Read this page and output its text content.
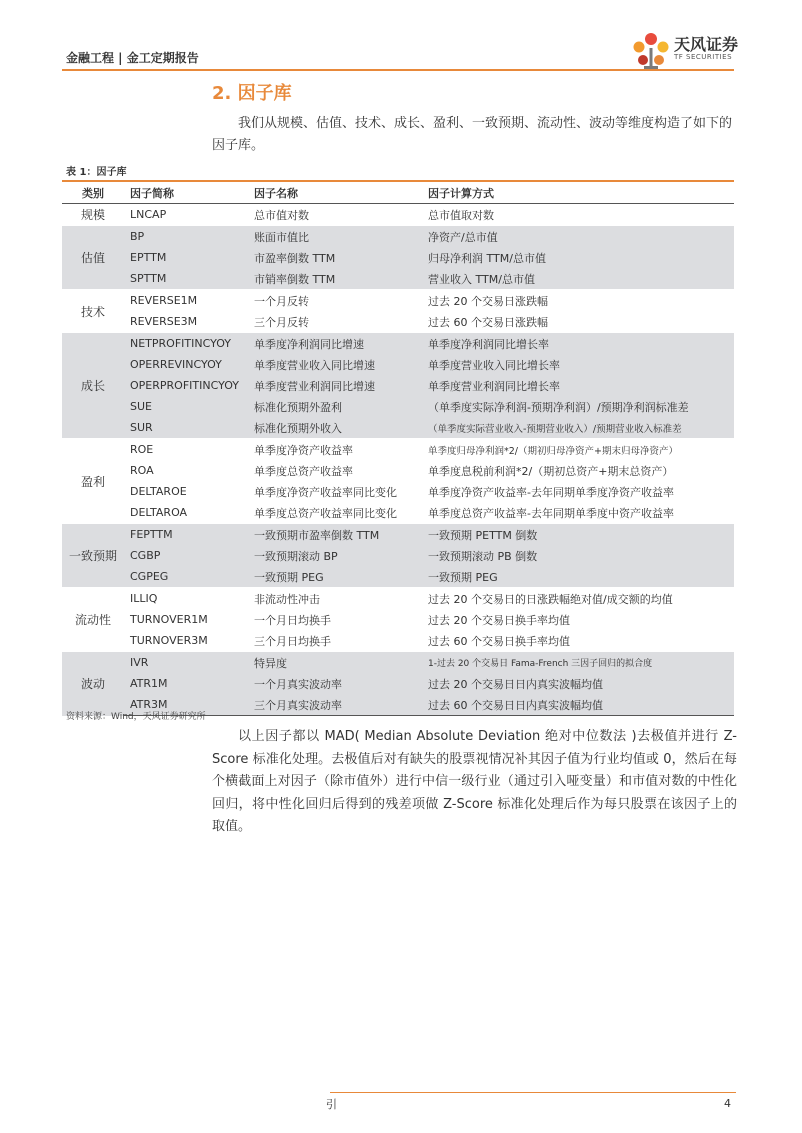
金融工程 | 金工定期报告
天风证券
TF SECURITIES
2. 因子库
我们从规模、估值、技术、成长、盈利、一致预期、流动性、波动等维度构造了如下的因子库。
表 1：因子库
类别	因子简称	因子名称	因子计算方式
规模	LNCAP	总市值对数	总市值取对数
估值	BP	账面市值比	净资产/总市值
	EPTTM	市盈率倒数 TTM	归母净利润 TTM/总市值
	SPTTM	市销率倒数 TTM	营业收入 TTM/总市值
技术	REVERSE1M	一个月反转	过去 20 个交易日涨跌幅
	REVERSE3M	三个月反转	过去 60 个交易日涨跌幅
成长	NETPROFITINCYOY	单季度净利润同比增速	单季度净利润同比增长率
	OPERREVINCYOY	单季度营业收入同比增速	单季度营业收入同比增长率
	OPERPROFITINCYOY	单季度营业利润同比增速	单季度营业利润同比增长率
	SUE	标准化预期外盈利	（单季度实际净利润-预期净利润）/预期净利润标准差
	SUR	标准化预期外收入	（单季度实际营业收入-预期营业收入）/预期营业收入标准差
盈利	ROE	单季度净资产收益率	单季度归母净利润*2/（期初归母净资产+期末归母净资产）
	ROA	单季度总资产收益率	单季度息税前利润*2/（期初总资产+期末总资产）
	DELTAROE	单季度净资产收益率同比变化	单季度净资产收益率-去年同期单季度净资产收益率
	DELTAROA	单季度总资产收益率同比变化	单季度总资产收益率-去年同期单季度中资产收益率
一致预期	FEPTTM	一致预期市盈率倒数 TTM	一致预期 PETTM 倒数
	CGBP	一致预期滚动 BP	一致预期滚动 PB 倒数
	CGPEG	一致预期 PEG	一致预期 PEG
流动性	ILLIQ	非流动性冲击	过去 20 个交易日的日涨跌幅绝对值/成交额的均值
	TURNOVER1M	一个月日均换手	过去 20 个交易日换手率均值
	TURNOVER3M	三个月日均换手	过去 60 个交易日换手率均值
波动	IVR	特异度	1-过去 20 个交易日 Fama-French 三因子回归的拟合度
	ATR1M	一个月真实波动率	过去 20 个交易日日内真实波幅均值
	ATR3M	三个月真实波动率	过去 60 个交易日日内真实波幅均值
资料来源：Wind，天风证券研究所
以上因子都以 MAD( Median Absolute Deviation 绝对中位数法 )去极值并进行 Z-Score 标准化处理。去极值后对有缺失的股票视情况补其因子值为行业均值或 0，然后在每个横截面上对因子（除市值外）进行中信一级行业（通过引入哑变量）和市值对数的中性化回归，将中性化回归后得到的残差项做 Z-Score 标准化处理后作为每只股票在该因子上的取值。
引	4
